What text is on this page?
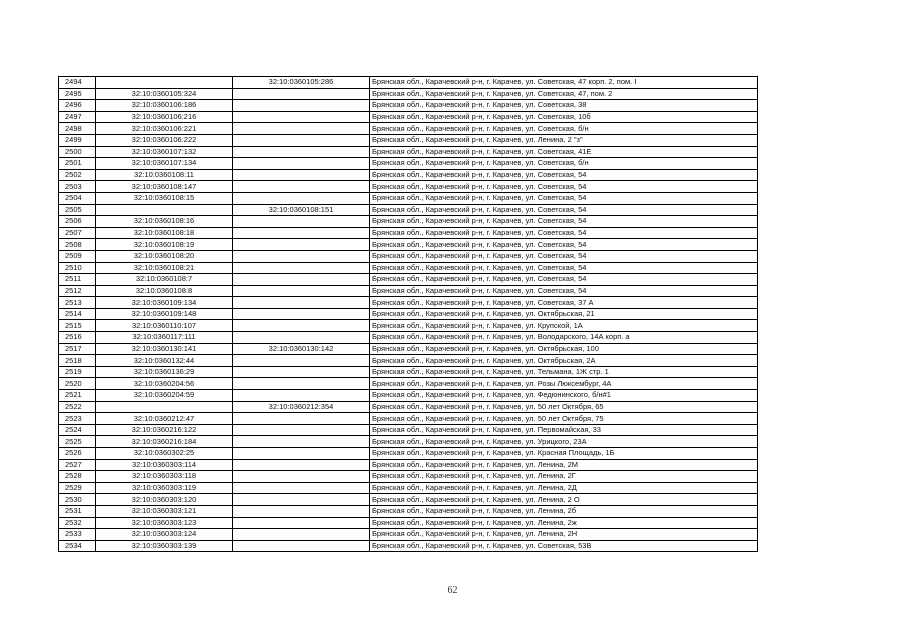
2494		32:10:0360105:286	Брянская обл., Карачевский р-н, г. Карачев, ул. Советская, 47 корп. 2, пом. I
2495	32:10:0360105:324		Брянская обл., Карачевский р-н, г. Карачев, ул. Советская, 47, пом. 2
2496	32:10:0360106:186		Брянская обл., Карачевский р-н, г. Карачев, ул. Советская, 38
2497	32:10:0360106:216		Брянская обл., Карачевский р-н, г. Карачев, ул. Советская, 10б
2498	32:10:0360106:221		Брянская обл., Карачевский р-н, г. Карачев, ул. Советская, б/н
2499	32:10:0360106:222		Брянская обл., Карачевский р-н, г. Карачев, ул. Ленина, 2 "з"
2500	32:10:0360107:132		Брянская обл., Карачевский р-н, г. Карачев, ул. Советская, 41Е
2501	32:10:0360107:134		Брянская обл., Карачевский р-н, г. Карачев, ул. Советская, б/н
2502	32:10:0360108:11		Брянская обл., Карачевский р-н, г. Карачев, ул. Советская, 54
2503	32:10:0360108:147		Брянская обл., Карачевский р-н, г. Карачев, ул. Советская, 54
2504	32:10:0360108:15		Брянская обл., Карачевский р-н, г. Карачев, ул. Советская, 54
2505		32:10:0360108:151	Брянская обл., Карачевский р-н, г. Карачев, ул. Советская, 54
2506	32:10:0360108:16		Брянская обл., Карачевский р-н, г. Карачев, ул. Советская, 54
2507	32:10:0360108:18		Брянская обл., Карачевский р-н, г. Карачев, ул. Советская, 54
2508	32:10:0360108:19		Брянская обл., Карачевский р-н, г. Карачев, ул. Советская, 54
2509	32:10:0360108:20		Брянская обл., Карачевский р-н, г. Карачев, ул. Советская, 54
2510	32:10:0360108:21		Брянская обл., Карачевский р-н, г. Карачев, ул. Советская, 54
2511	32:10:0360108:7		Брянская обл., Карачевский р-н, г. Карачев, ул. Советская, 54
2512	32:10:0360108:8		Брянская обл., Карачевский р-н, г. Карачев, ул. Советская, 54
2513	32:10:0360109:134		Брянская обл., Карачевский р-н, г. Карачев, ул. Советская, 37 А
2514	32:10:0360109:148		Брянская обл., Карачевский р-н, г. Карачев, ул. Октябрьская, 21
2515	32:10:0360110:107		Брянская обл., Карачевский р-н, г. Карачев, ул. Крупской, 1А
2516	32:10:0360117:111		Брянская обл., Карачевский р-н, г. Карачев, ул. Володарского, 14А корп. а
2517	32:10:0360130:141	32:10:0360130:142	Брянская обл., Карачевский р-н, г. Карачев, ул. Октябрьская, 100
2518	32:10:0360132:44		Брянская обл., Карачевский р-н, г. Карачев, ул. Октябрьская, 2А
2519	32:10:0360136:29		Брянская обл., Карачевский р-н, г. Карачев, ул. Тельмана, 1Ж стр. 1
2520	32:10:0360204:56		Брянская обл., Карачевский р-н, г. Карачев, ул. Розы Люксембург, 4А
2521	32:10:0360204:59		Брянская обл., Карачевский р-н, г. Карачев, ул. Федюнинского, б/н#1
2522		32:10:0360212:354	Брянская обл., Карачевский р-н, г. Карачев, ул. 50 лет Октября, 65
2523	32:10:0360212:47		Брянская обл., Карачевский р-н, г. Карачев, ул. 50 лет Октября, 75
2524	32:10:0360216:122		Брянская обл., Карачевский р-н, г. Карачев, ул. Первомайская, 33
2525	32:10:0360216:184		Брянская обл., Карачевский р-н, г. Карачев, ул. Урицкого, 23А
2526	32:10:0360302:25		Брянская обл., Карачевский р-н, г. Карачев, ул. Красная Площадь, 1Б
2527	32:10:0360303:114		Брянская обл., Карачевский р-н, г. Карачев, ул. Ленина, 2М
2528	32:10:0360303:118		Брянская обл., Карачевский р-н, г. Карачев, ул. Ленина, 2Г
2529	32:10:0360303:119		Брянская обл., Карачевский р-н, г. Карачев, ул. Ленина, 2Д
2530	32:10:0360303:120		Брянская обл., Карачевский р-н, г. Карачев, ул. Ленина, 2 О
2531	32:10:0360303:121		Брянская обл., Карачевский р-н, г. Карачев, ул. Ленина, 2б
2532	32:10:0360303:123		Брянская обл., Карачевский р-н, г. Карачев, ул. Ленина, 2ж
2533	32:10:0360303:124		Брянская обл., Карачевский р-н, г. Карачев, ул. Ленина, 2Н
2534	32:10:0360303:139		Брянская обл., Карачевский р-н, г. Карачев, ул. Советская, 53В
62
